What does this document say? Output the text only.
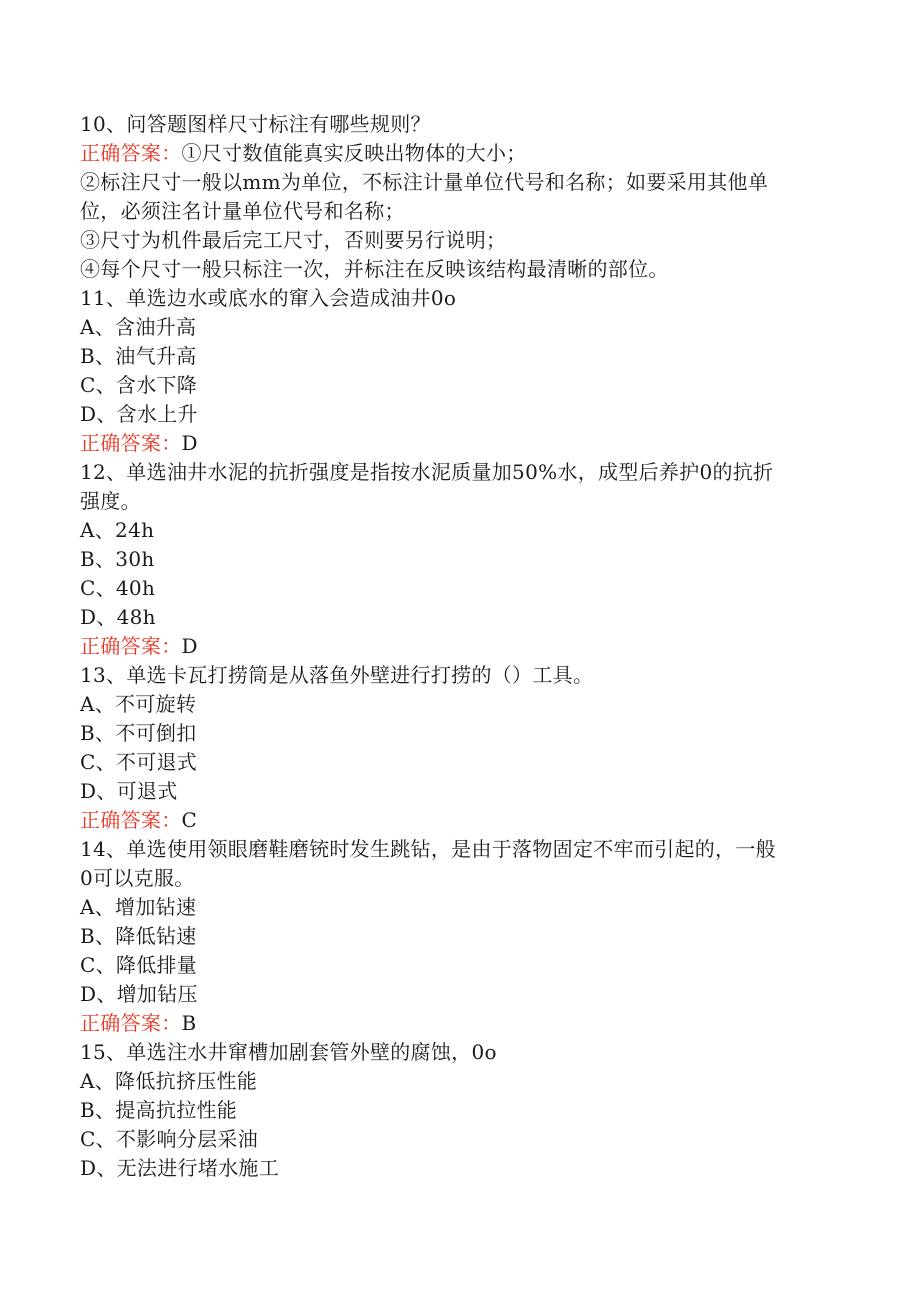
10、问答题图样尺寸标注有哪些规则？
正确答案：①尺寸数值能真实反映出物体的大小；
②标注尺寸一般以mm为单位，不标注计量单位代号和名称；如要采用其他单
位，必须注名计量单位代号和名称；
③尺寸为机件最后完工尺寸，否则要另行说明；
④每个尺寸一般只标注一次，并标注在反映该结构最清晰的部位。
11、单选边水或底水的窜入会造成油井0o
A、含油升高
B、油气升高
C、含水下降
D、含水上升
正确答案：D
12、单选油井水泥的抗折强度是指按水泥质量加50%水，成型后养护0的抗折
强度。
A、24h
B、30h
C、40h
D、48h
正确答案：D
13、单选卡瓦打捞筒是从落鱼外壁进行打捞的（）工具。
A、不可旋转
B、不可倒扣
C、不可退式
D、可退式
正确答案：C
14、单选使用领眼磨鞋磨铳时发生跳钻，是由于落物固定不牢而引起的，一般
0可以克服。
A、增加钻速
B、降低钻速
C、降低排量
D、增加钻压
正确答案：B
15、单选注水井窜槽加剧套管外壁的腐蚀，0o
A、降低抗挤压性能
B、提高抗拉性能
C、不影响分层采油
D、无法进行堵水施工
